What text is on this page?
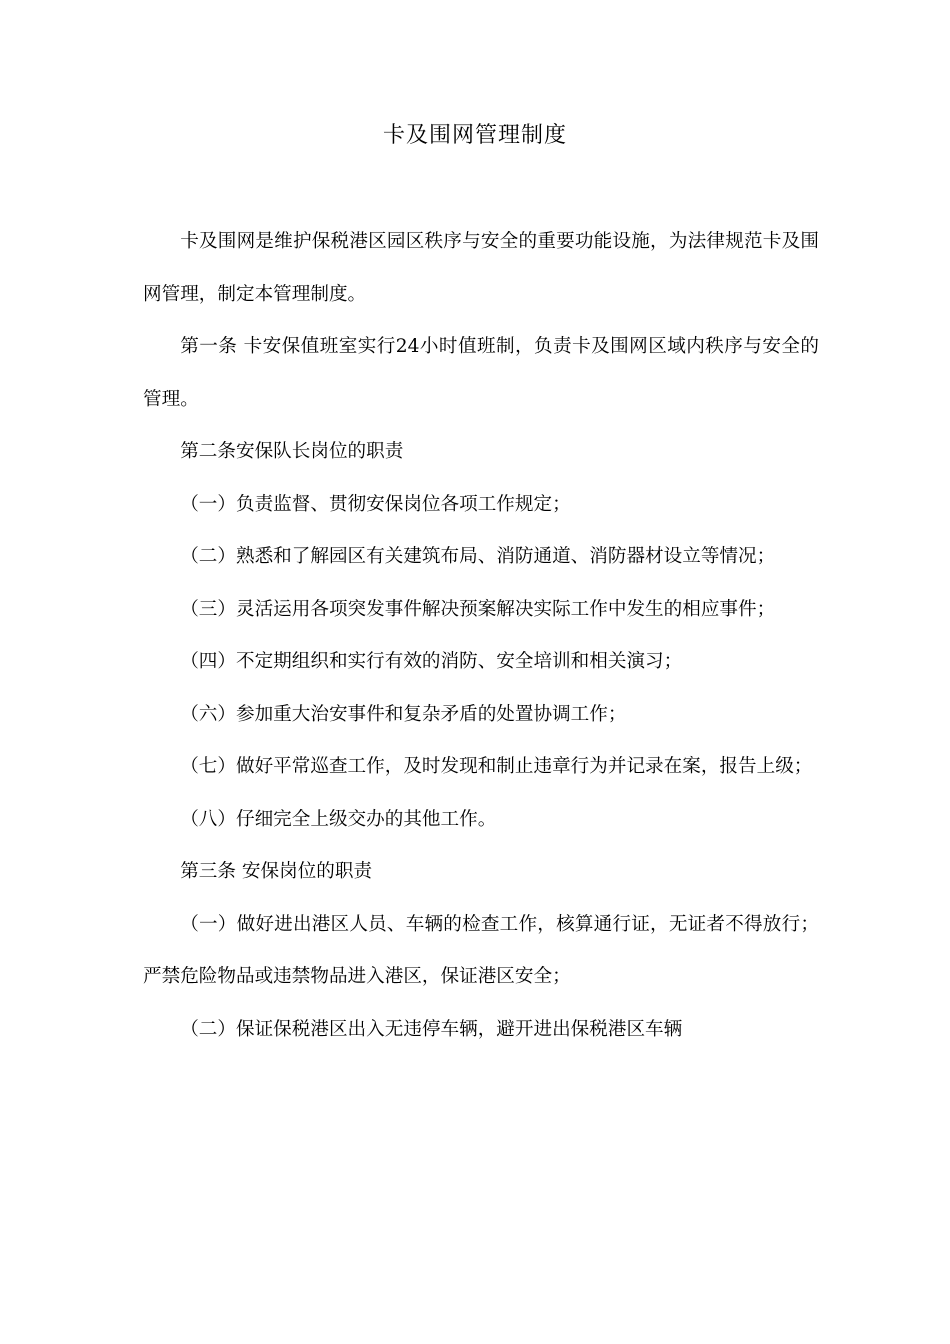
卡及围网管理制度

卡及围网是维护保税港区园区秩序与安全的重要功能设施，为法律规范卡及围网管理，制定本管理制度。

第一条 卡安保值班室实行24小时值班制，负责卡及围网区域内秩序与安全的管理。

第二条安保队长岗位的职责

（一）负责监督、贯彻安保岗位各项工作规定；

（二）熟悉和了解园区有关建筑布局、消防通道、消防器材设立等情况；

（三）灵活运用各项突发事件解决预案解决实际工作中发生的相应事件；

（四）不定期组织和实行有效的消防、安全培训和相关演习；

（六）参加重大治安事件和复杂矛盾的处置协调工作；

（七）做好平常巡查工作，及时发现和制止违章行为并记录在案，报告上级；

（八）仔细完全上级交办的其他工作。

第三条 安保岗位的职责

（一）做好进出港区人员、车辆的检查工作，核算通行证，无证者不得放行；严禁危险物品或违禁物品进入港区，保证港区安全；

（二）保证保税港区出入无违停车辆，避开进出保税港区车辆
